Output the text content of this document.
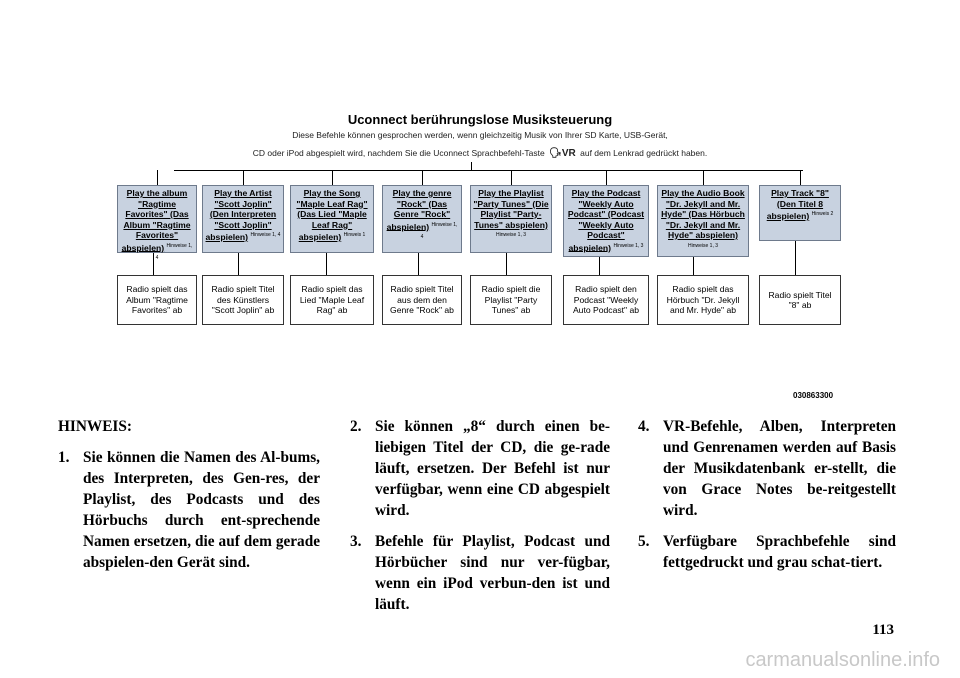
Uconnect berührungslose Musiksteuerung
Diese Befehle können gesprochen werden, wenn gleichzeitig Musik von Ihrer SD Karte, USB-Gerät,
CD oder iPod abgespielt wird, nachdem Sie die Uconnect Sprachbefehl-Taste 🗣VR auf dem Lenkrad gedrückt haben.
Play the album "Ragtime Favorites" (Das Album "Ragtime Favorites" abspielen) $^{Hinweise 1, 4}$
Radio spielt das Album "Ragtime Favorites" ab
Play the Artist "Scott Joplin" (Den Interpreten "Scott Joplin" abspielen) $^{Hinweise 1, 4}$
Radio spielt Titel des Künstlers "Scott Joplin" ab
Play the Song "Maple Leaf Rag" (Das Lied "Maple Leaf Rag" abspielen) $^{Hinweis 1}$
Radio spielt das Lied "Maple Leaf Rag" ab
Play the genre "Rock" (Das Genre "Rock" abspielen) $^{Hinweise 1, 4}$
Radio spielt Titel aus dem den Genre "Rock" ab
Play the Playlist "Party Tunes" (Die Playlist "Party-Tunes" abspielen) $^{Hinweise 1, 3}$
Radio spielt die Playlist "Party Tunes" ab
Play the Podcast "Weekly Auto Podcast" (Podcast "Weekly Auto Podcast" abspielen) $^{Hinweise 1, 3}$
Radio spielt den Podcast "Weekly Auto Podcast" ab
Play the Audio Book "Dr. Jekyll and Mr. Hyde" (Das Hörbuch "Dr. Jekyll and Mr. Hyde" abspielen) $^{Hinweise 1, 3}$
Radio spielt das Hörbuch "Dr. Jekyll and Mr. Hyde" ab
Play Track "8" (Den Titel 8 abspielen) $^{Hinweis 2}$
Radio spielt Titel "8" ab
030863300
HINWEIS:
1. Sie können die Namen des Al-bums, des Interpreten, des Gen-res, der Playlist, des Podcasts und des Hörbuchs durch ent-sprechende Namen ersetzen, die auf dem gerade abspielen-den Gerät sind.
2. Sie können „8“ durch einen be-liebigen Titel der CD, die ge-rade läuft, ersetzen. Der Befehl ist nur verfügbar, wenn eine CD abgespielt wird.
3. Befehle für Playlist, Podcast und Hörbücher sind nur ver-fügbar, wenn ein iPod verbun-den ist und läuft.
4. VR-Befehle, Alben, Interpreten und Genrenamen werden auf Basis der Musikdatenbank er-stellt, die von Grace Notes be-reitgestellt wird.
5. Verfügbare Sprachbefehle sind fettgedruckt und grau schat-tiert.
113
carmanualsonline.info
